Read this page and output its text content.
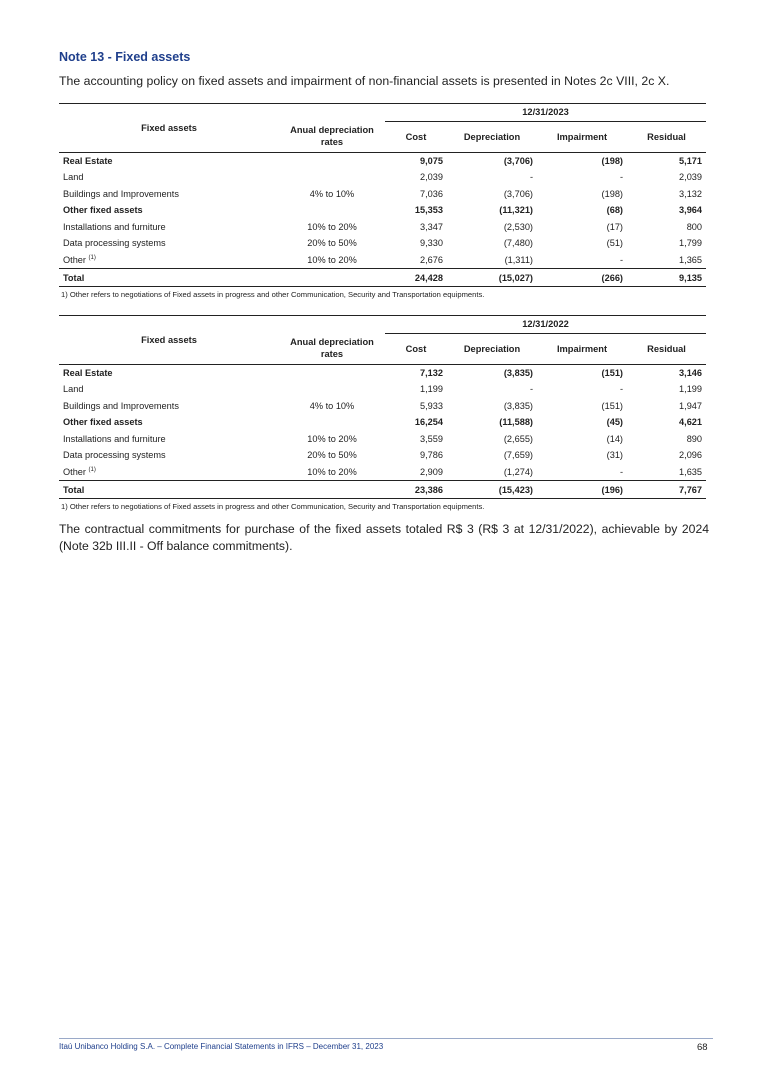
Note 13 - Fixed assets
The accounting policy on fixed assets and impairment of non-financial assets is presented in Notes 2c VIII, 2c X.
Fixed assets		12/31/2023			
	Anual depreciation rates	Cost	Depreciation	Impairment	Residual
Real Estate		9,075	(3,706)	(198)	5,171
Land		2,039	-	-	2,039
Buildings and Improvements	4% to 10%	7,036	(3,706)	(198)	3,132
Other fixed assets		15,353	(11,321)	(68)	3,964
Installations and furniture	10% to 20%	3,347	(2,530)	(17)	800
Data processing systems	20% to 50%	9,330	(7,480)	(51)	1,799
Other $^{(1)}$	10% to 20%	2,676	(1,311)	-	1,365
Total		24,428	(15,027)	(266)	9,135
1) Other refers to negotiations of Fixed assets in progress and other Communication, Security and Transportation equipments.
Fixed assets		12/31/2022			
	Anual depreciation rates	Cost	Depreciation	Impairment	Residual
Real Estate		7,132	(3,835)	(151)	3,146
Land		1,199	-	-	1,199
Buildings and Improvements	4% to 10%	5,933	(3,835)	(151)	1,947
Other fixed assets		16,254	(11,588)	(45)	4,621
Installations and furniture	10% to 20%	3,559	(2,655)	(14)	890
Data processing systems	20% to 50%	9,786	(7,659)	(31)	2,096
Other $^{(1)}$	10% to 20%	2,909	(1,274)	-	1,635
Total		23,386	(15,423)	(196)	7,767
1) Other refers to negotiations of Fixed assets in progress and other Communication, Security and Transportation equipments.
The contractual commitments for purchase of the fixed assets totaled R$ 3 (R$ 3 at 12/31/2022), achievable by 2024 (Note 32b III.II - Off balance commitments).
Itaú Unibanco Holding S.A. – Complete Financial Statements in IFRS – December 31, 2023	68
